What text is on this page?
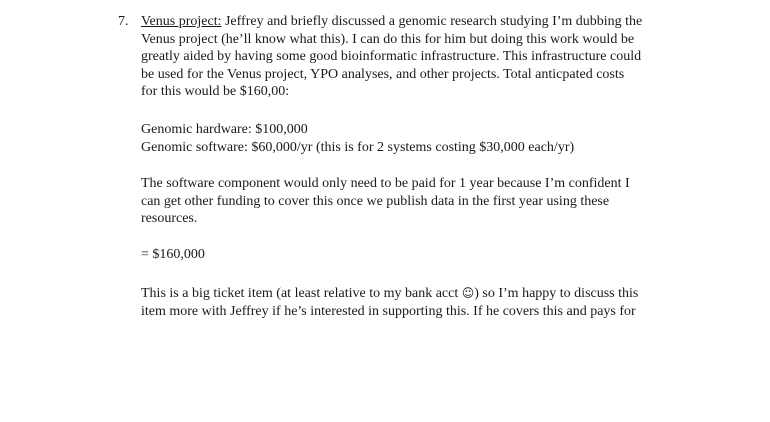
7. Venus project: Jeffrey and briefly discussed a genomic research studying I’m dubbing the
Venus project (he’ll know what this). I can do this for him but doing this work would be
greatly aided by having some good bioinformatic infrastructure. This infrastructure could
be used for the Venus project, YPO analyses, and other projects. Total anticpated costs
for this would be $160,00:
Genomic hardware: $100,000
Genomic software: $60,000/yr (this is for 2 systems costing $30,000 each/yr)
The software component would only need to be paid for 1 year because I’m confident I
can get other funding to cover this once we publish data in the first year using these
resources.
= $160,000
This is a big ticket item (at least relative to my bank acct ☺) so I’m happy to discuss this
item more with Jeffrey if he’s interested in supporting this. If he covers this and pays for
